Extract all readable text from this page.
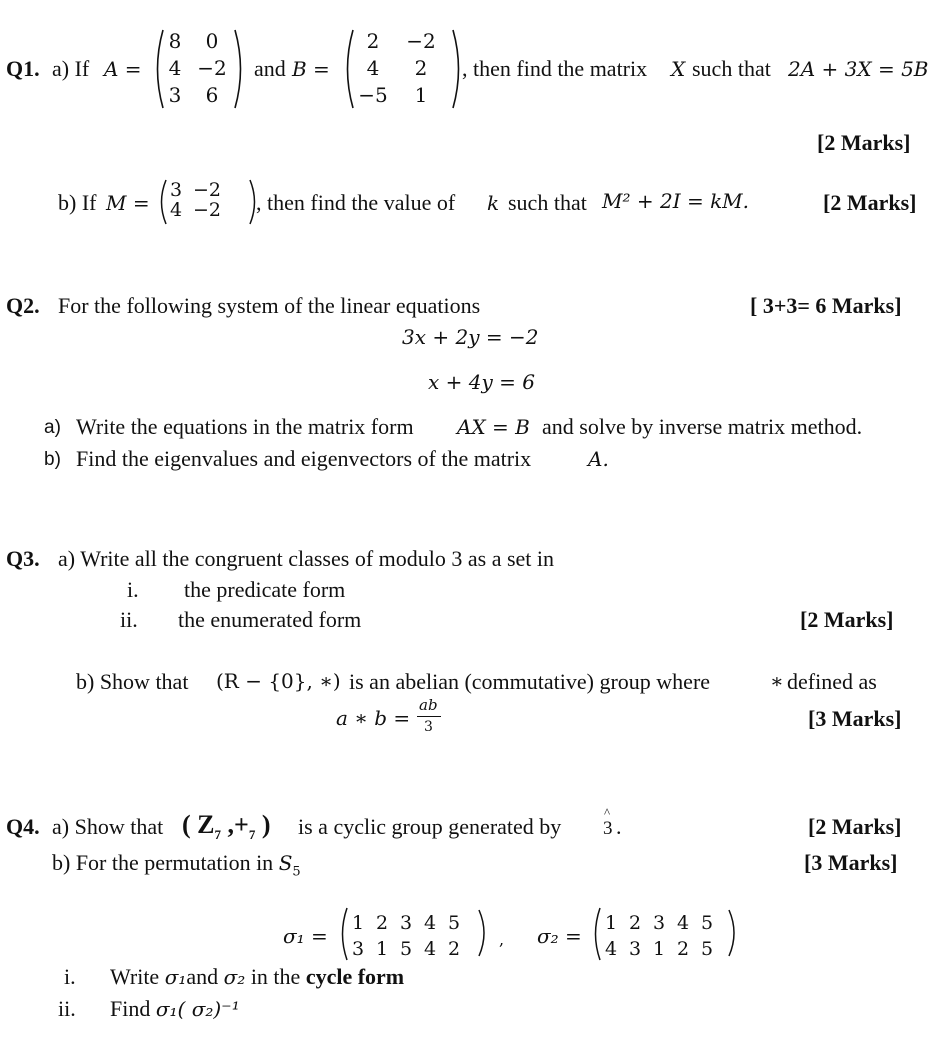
Q1. a) If A =
8	0
4 −2
3	6
and B =
2	−2
4	2
−5	1
, then find the matrix X such that 2A + 3X = 5B
[2 Marks]
b) If M =
3 −2
4 −2 , then find the value of k such that M² + 2I = kM.	[2 Marks]
Q2. For the following system of the linear equations	[ 3+3= 6 Marks]
3x + 2y = −2
x + 4y = 6
a) Write the equations in the matrix form AX = B and solve by inverse matrix method.
b) Find the eigenvalues and eigenvectors of the matrix	A.
Q3. a) Write all the congruent classes of modulo 3 as a set in
i. the predicate form
ii. the enumerated form	[2 Marks]
b) Show that (R − {0}, ∗) is an abelian (commutative) group where	∗ defined as
a ∗ b =
ab
3	[3 Marks]
Q4. a) Show that ( $Z_7$ $,+_7$ ) is a cyclic group generated by
^
3 .	[2 Marks]
b) For the permutation in $S_5$	[3 Marks]
σ₁ =
1 2 3 4 5
3 1 5 4 2	, σ₂ =
1 2 3 4 5
4 3 1 2 5
i. Write σ₁and σ₂ in the cycle form
ii. Find σ₁( σ₂)⁻¹
